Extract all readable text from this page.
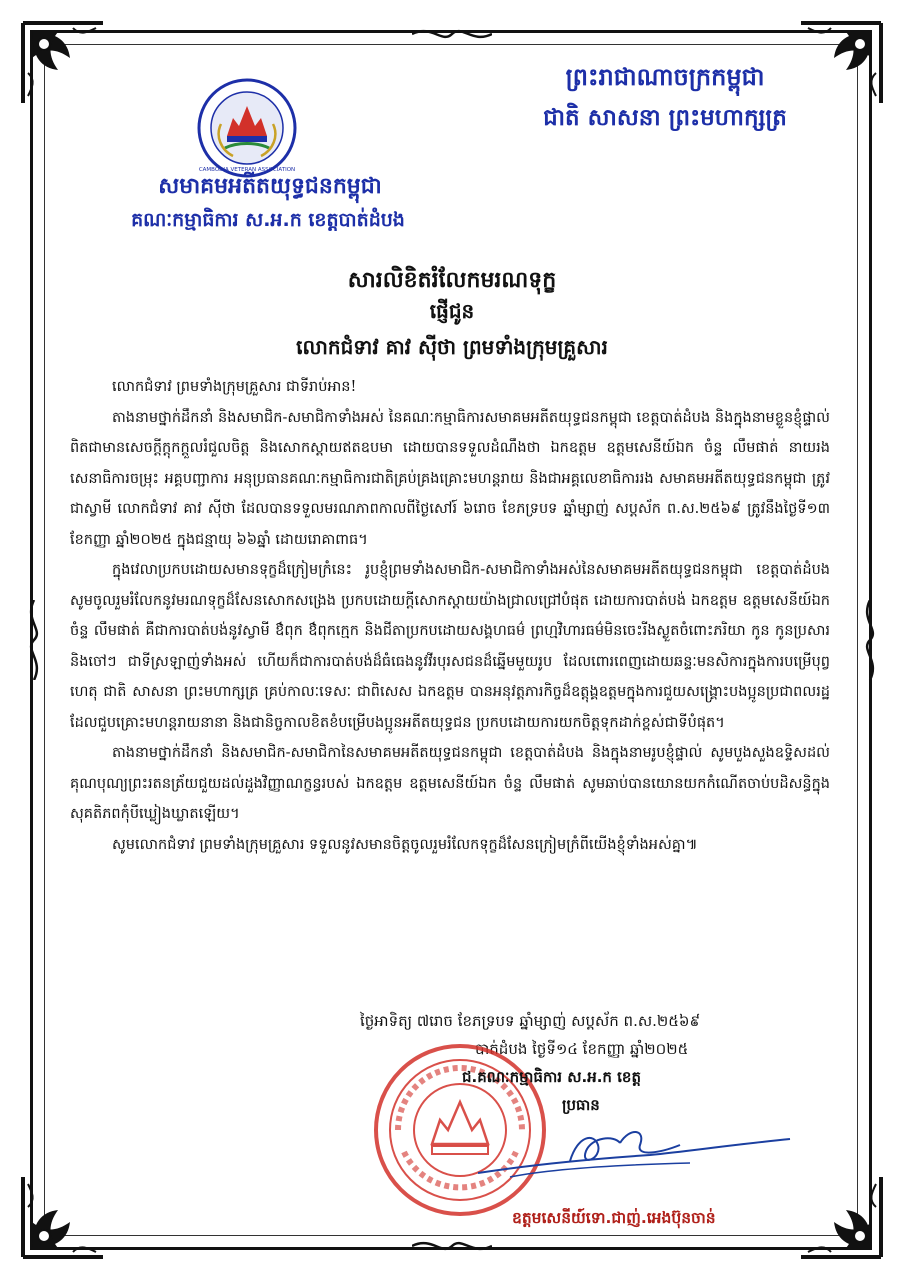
CAMBODIA VETERAN ASSOCIATION
សមាគមអតីតយុទ្ធជនកម្ពុជា
គណៈកម្មាធិការ ស.អ.ក ខេត្តបាត់ដំបង
ព្រះរាជាណាចក្រកម្ពុជា
ជាតិ សាសនា ព្រះមហាក្សត្រ
សារលិខិតរំលែកមរណទុក្ខ
ផ្ញើជូន
លោកជំទាវ គាវ ស៊ីថា ព្រមទាំងក្រុមគ្រួសារ

លោកជំទាវ ព្រមទាំងក្រុមគ្រួសារ ជាទីរាប់អាន!

តាងនាមថ្នាក់ដឹកនាំ និងសមាជិក-សមាជិកាទាំងអស់ នៃគណៈកម្មាធិការសមាគមអតីតយុទ្ធជនកម្ពុជា ខេត្តបាត់ដំបង និងក្នុងនាមខ្លួនខ្ញុំផ្ទាល់ ពិតជាមានសេចក្តីក្តុកក្តួលរំជួលចិត្ត និងសោកស្តាយឥតឧបមា ដោយបានទទួលដំណឹងថា ឯកឧត្តម ឧត្តមសេនីយ៍ឯក ចំន្ទ លឹមផាត់ នាយរងសេនាធិការចម្រុះ អគ្គបញ្ជាការ អនុប្រធានគណៈកម្មាធិការជាតិគ្រប់គ្រងគ្រោះមហន្តរាយ និងជាអគ្គលេខាធិការរង សមាគមអតីតយុទ្ធជនកម្ពុជា ត្រូវជាស្វាមី លោកជំទាវ គាវ ស៊ីថា ដែលបានទទួលមរណភាពកាលពីថ្ងៃសៅរ៍ ៦រោច ខែភទ្របទ ឆ្នាំម្សាញ់ សប្តស័ក ព.ស.២៥៦៩ ត្រូវនឹងថ្ងៃទី១៣ ខែកញ្ញា ឆ្នាំ២០២៥ ក្នុងជន្មាយុ ៦៦ឆ្នាំ ដោយរោគាពាធ។

ក្នុងវេលាប្រកបដោយសមានទុក្ខដ៏ក្រៀមក្រំនេះ រូបខ្ញុំព្រមទាំងសមាជិក-សមាជិកាទាំងអស់នៃសមាគមអតីតយុទ្ធជនកម្ពុជា ខេត្តបាត់ដំបង សូមចូលរួមរំលែកនូវមរណទុក្ខដ៏សែនសោកសង្រេង ប្រកបដោយក្តីសោកស្តាយយ៉ាងជ្រាលជ្រៅបំផុត ដោយការបាត់បង់ ឯកឧត្តម ឧត្តមសេនីយ៍ឯក ចំន្ទ លឹមផាត់ គឺជាការបាត់បង់នូវស្វាមី ឳពុក ឳពុកក្មេក និងជីតាប្រកបដោយសង្គហធម៌ ព្រហ្មវិហារធម៌មិនចេះរីងស្ងួតចំពោះភរិយា កូន កូនប្រសារ និងចៅៗ ជាទីស្រឡាញ់ទាំងអស់ ហើយក៏ជាការបាត់បង់ដ៏ធំធេងនូវវីរបុរសជនដ៏ឆ្នើមមួយរូប ដែលពោរពេញដោយឆន្ទៈមនសិការក្នុងការបម្រើបុព្វហេតុ ជាតិ សាសនា ព្រះមហាក្សត្រ គ្រប់កាលៈទេសៈ ជាពិសេស ឯកឧត្តម បានអនុវត្តភារកិច្ចដ៏ឧត្តុង្គឧត្តមក្នុងការជួយសង្គ្រោះបងប្អូនប្រជាពលរដ្ឋដែលជួបគ្រោះមហន្តរាយនានា និងជានិច្ចកាលខិតខំបម្រើបងប្អូនអតីតយុទ្ធជន ប្រកបដោយការយកចិត្តទុកដាក់ខ្ពស់ជាទីបំផុត។

តាងនាមថ្នាក់ដឹកនាំ និងសមាជិក-សមាជិកានៃសមាគមអតីតយុទ្ធជនកម្ពុជា ខេត្តបាត់ដំបង និងក្នុងនាមរូបខ្ញុំផ្ទាល់ សូមបួងសួងឧទ្ទិសដល់គុណបុណ្យព្រះរតនត្រ័យជួយដល់ដួងវិញ្ញាណក្ខន្ធរបស់ ឯកឧត្តម ឧត្តមសេនីយ៍ឯក ចំន្ទ លឹមផាត់ សូមឆាប់បានយោនយកកំណើតចាប់បដិសន្ធិក្នុងសុគតិភពកុំបីឃ្លៀងឃ្លាតឡើយ។

សូមលោកជំទាវ ព្រមទាំងក្រុមគ្រួសារ ទទួលនូវសមានចិត្តចូលរួមរំលែកទុក្ខដ៏សែនក្រៀមក្រំពីយើងខ្ញុំទាំងអស់គ្នា៕

ថ្ងៃអាទិត្យ ៧រោច ខែភទ្របទ ឆ្នាំម្សាញ់ សប្តស័ក ព.ស.២៥៦៩
បាត់ដំបង ថ្ងៃទី១៤ ខែកញ្ញា ឆ្នាំ២០២៥
ជ.គណៈកម្មាធិការ ស.អ.ក ខេត្ត
ប្រធាន
ឧត្តមសេនីយ៍ទោ.ជាញ់.អេងប៊ុនចាន់
